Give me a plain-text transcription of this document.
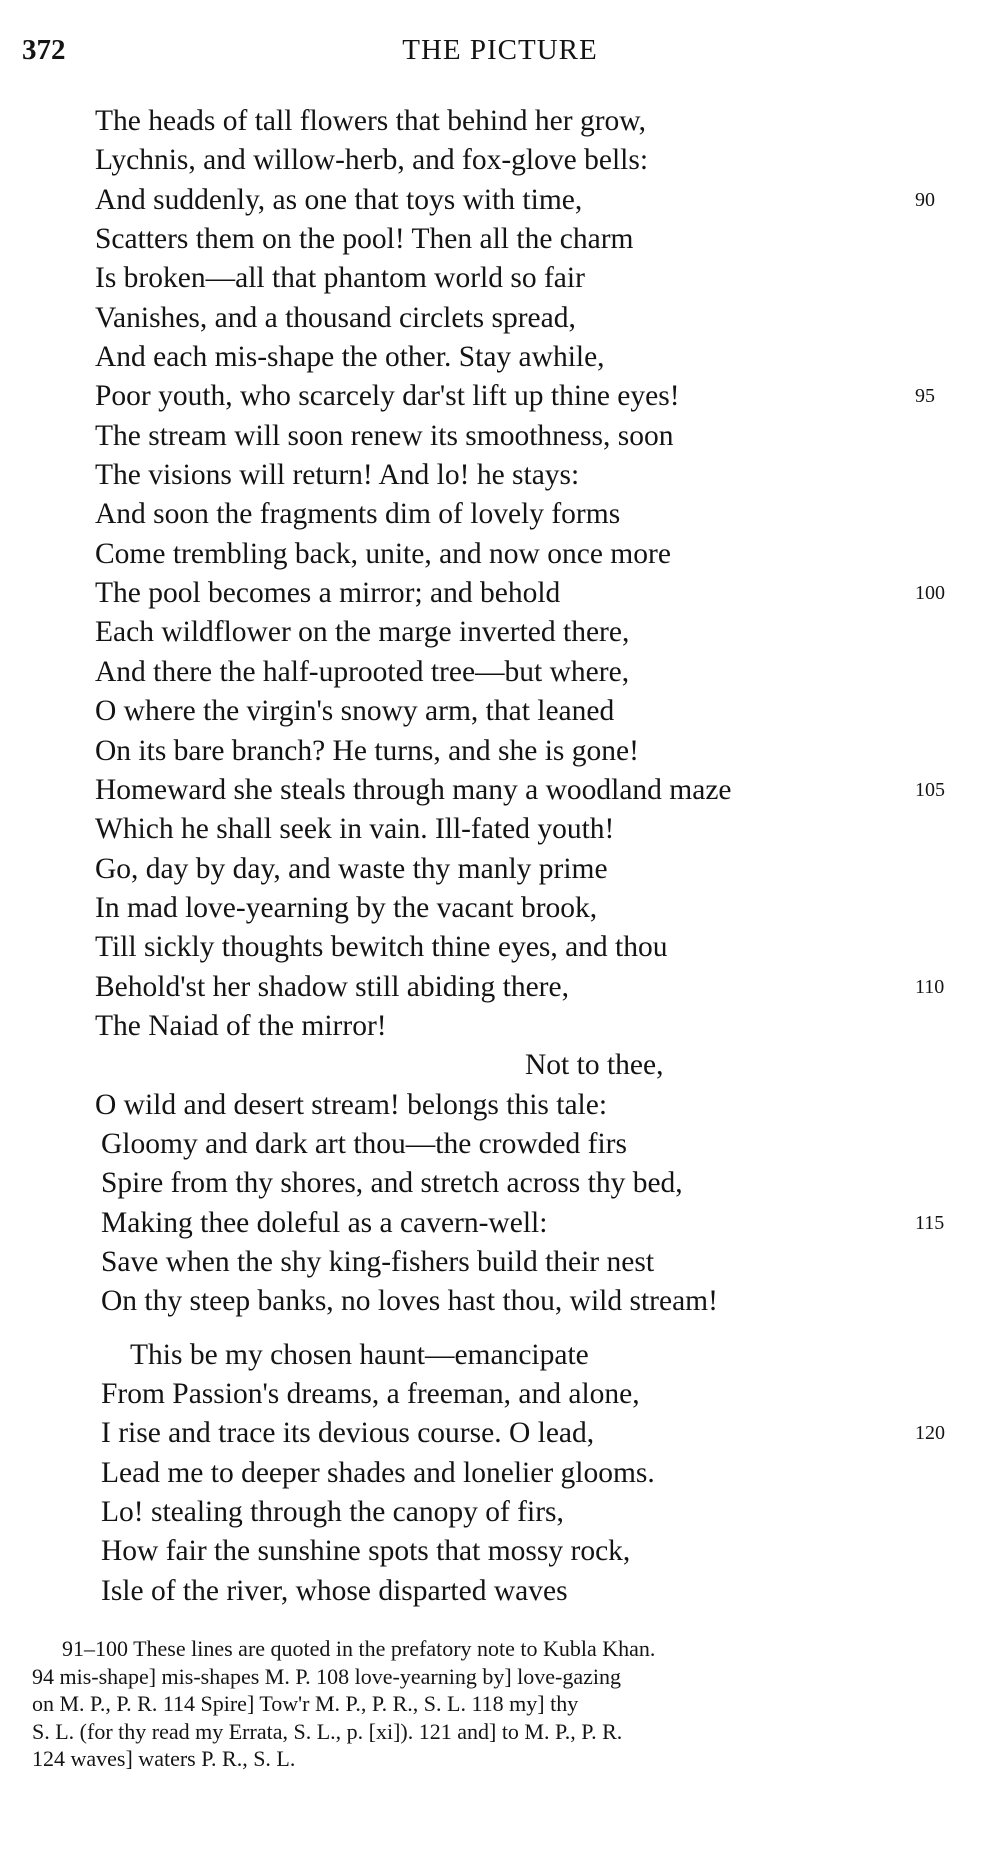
372	THE PICTURE
The heads of tall flowers that behind her grow,
Lychnis, and willow-herb, and fox-glove bells:
And suddenly, as one that toys with time,	90
Scatters them on the pool! Then all the charm
Is broken—all that phantom world so fair
Vanishes, and a thousand circlets spread,
And each mis-shape the other. Stay awhile,
Poor youth, who scarcely dar'st lift up thine eyes!	95
The stream will soon renew its smoothness, soon
The visions will return! And lo! he stays:
And soon the fragments dim of lovely forms
Come trembling back, unite, and now once more
The pool becomes a mirror; and behold	100
Each wildflower on the marge inverted there,
And there the half-uprooted tree—but where,
O where the virgin's snowy arm, that leaned
On its bare branch? He turns, and she is gone!
Homeward she steals through many a woodland maze	105
Which he shall seek in vain. Ill-fated youth!
Go, day by day, and waste thy manly prime
In mad love-yearning by the vacant brook,
Till sickly thoughts bewitch thine eyes, and thou
Behold'st her shadow still abiding there,	110
The Naiad of the mirror!
Not to thee,
O wild and desert stream! belongs this tale:
Gloomy and dark art thou—the crowded firs
Spire from thy shores, and stretch across thy bed,
Making thee doleful as a cavern-well:	115
Save when the shy king-fishers build their nest
On thy steep banks, no loves hast thou, wild stream!
This be my chosen haunt—emancipate
From Passion's dreams, a freeman, and alone,
I rise and trace its devious course. O lead,	120
Lead me to deeper shades and lonelier glooms.
Lo! stealing through the canopy of firs,
How fair the sunshine spots that mossy rock,
Isle of the river, whose disparted waves
91–100 These lines are quoted in the prefatory note to Kubla Khan.
94 mis-shape] mis-shapes M. P. 108 love-yearning by] love-gazing
on M. P., P. R. 114 Spire] Tow'r M. P., P. R., S. L. 118 my] thy
S. L. (for thy read my Errata, S. L., p. [xi]). 121 and] to M. P., P. R.
124 waves] waters P. R., S. L.
